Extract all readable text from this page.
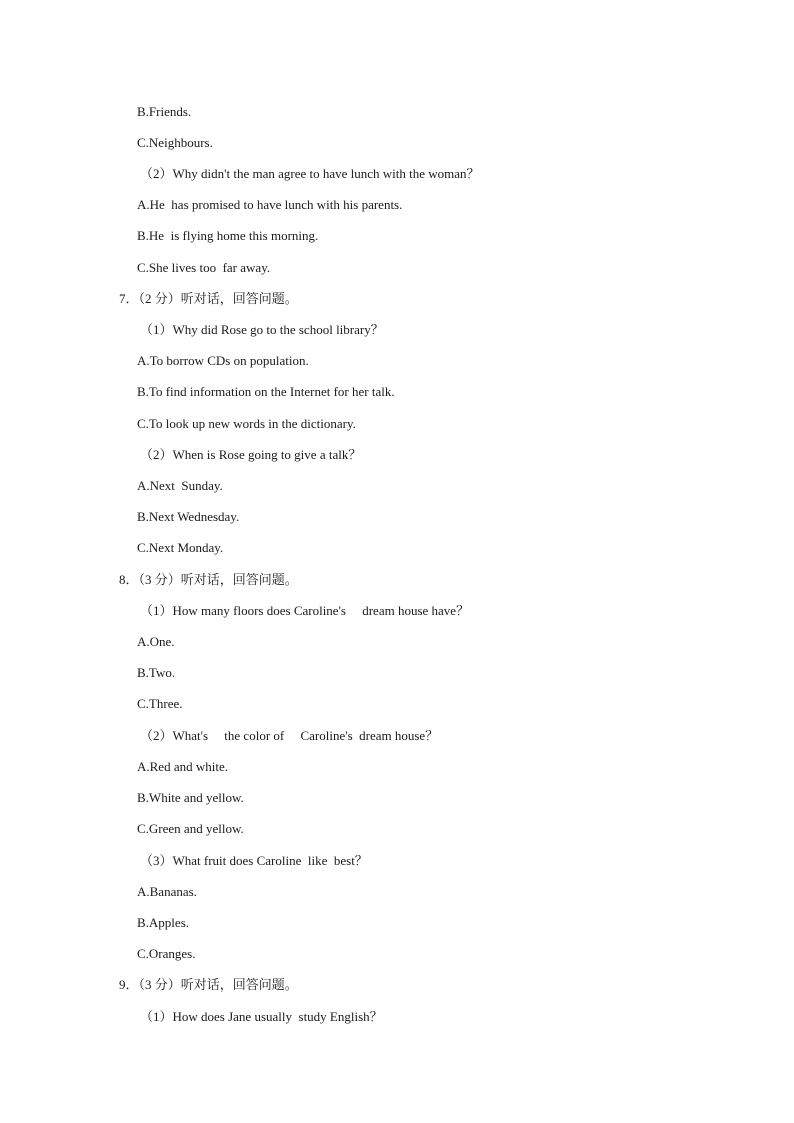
B.Friends.
C.Neighbours.
（2）Why didn't the man agree to have lunch with the woman？
A.He  has promised to have lunch with his parents.
B.He  is flying home this morning.
C.She lives too  far away.
7．（2 分）听对话，回答问题。
（1）Why did Rose go to the school library？
A.To borrow CDs on population.
B.To find information on the Internet for her talk.
C.To look up new words in the dictionary.
（2）When is Rose going to give a talk？
A.Next  Sunday.
B.Next Wednesday.
C.Next Monday.
8．（3 分）听对话，回答问题。
（1）How many floors does Caroline's     dream house have？
A.One.
B.Two.
C.Three.
（2）What's     the color of     Caroline's  dream house？
A.Red and white.
B.White and yellow.
C.Green and yellow.
（3）What fruit does Caroline  like  best？
A.Bananas.
B.Apples.
C.Oranges.
9．（3 分）听对话，回答问题。
（1）How does Jane usually  study English？
